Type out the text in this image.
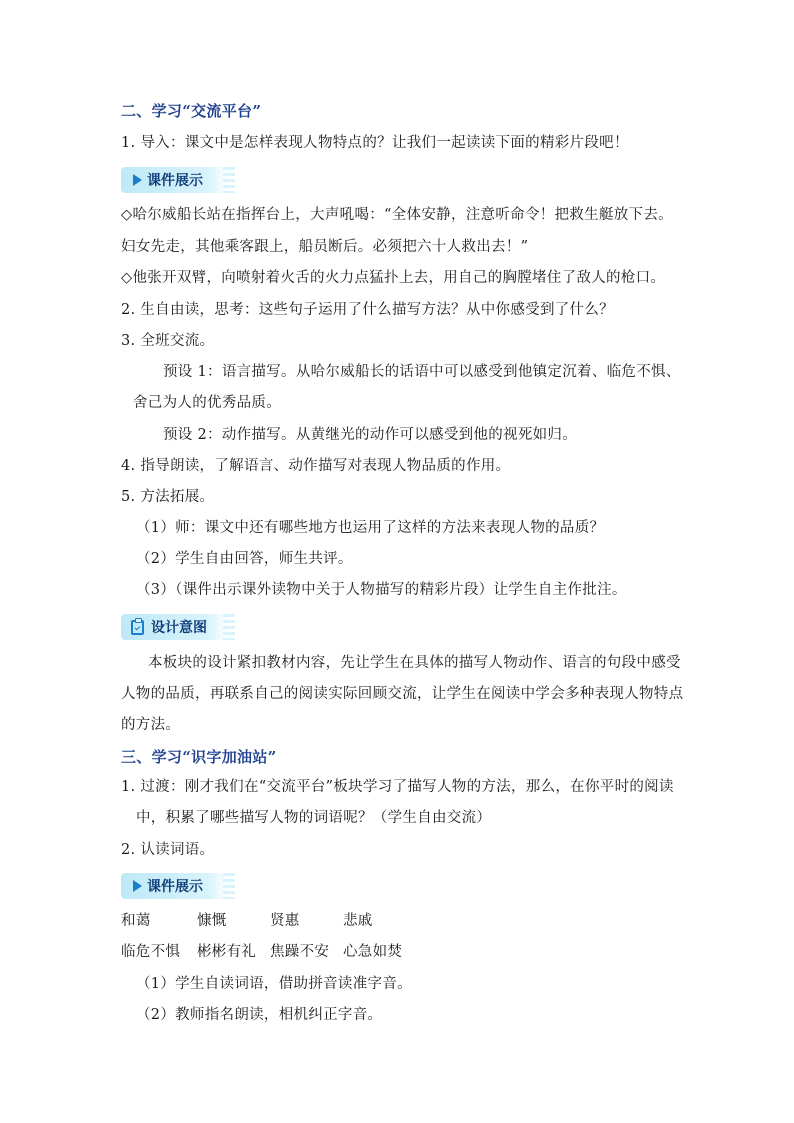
二、学习“交流平台”
1. 导入：课文中是怎样表现人物特点的？让我们一起读读下面的精彩片段吧！
课件展示
◇哈尔威船长站在指挥台上，大声吼喝：“全体安静，注意听命令！把救生艇放下去。
妇女先走，其他乘客跟上，船员断后。必须把六十人救出去！”
◇他张开双臂，向喷射着火舌的火力点猛扑上去，用自己的胸膛堵住了敌人的枪口。
2. 生自由读，思考：这些句子运用了什么描写方法？从中你感受到了什么？
3. 全班交流。
预设 1：语言描写。从哈尔威船长的话语中可以感受到他镇定沉着、临危不惧、
舍己为人的优秀品质。
预设 2：动作描写。从黄继光的动作可以感受到他的视死如归。
4. 指导朗读，了解语言、动作描写对表现人物品质的作用。
5. 方法拓展。
（1）师：课文中还有哪些地方也运用了这样的方法来表现人物的品质？
（2）学生自由回答，师生共评。
（3）（课件出示课外读物中关于人物描写的精彩片段）让学生自主作批注。
设计意图
本板块的设计紧扣教材内容，先让学生在具体的描写人物动作、语言的句段中感受
人物的品质，再联系自己的阅读实际回顾交流，让学生在阅读中学会多种表现人物特点
的方法。
三、学习“识字加油站”
1. 过渡：刚才我们在“交流平台”板块学习了描写人物的方法，那么，在你平时的阅读
中，积累了哪些描写人物的词语呢？（学生自由交流）
2. 认读词语。
课件展示
和蔼	慷慨	贤惠	悲戚
临危不惧 彬彬有礼 焦躁不安 心急如焚
（1）学生自读词语，借助拼音读准字音。
（2）教师指名朗读，相机纠正字音。
